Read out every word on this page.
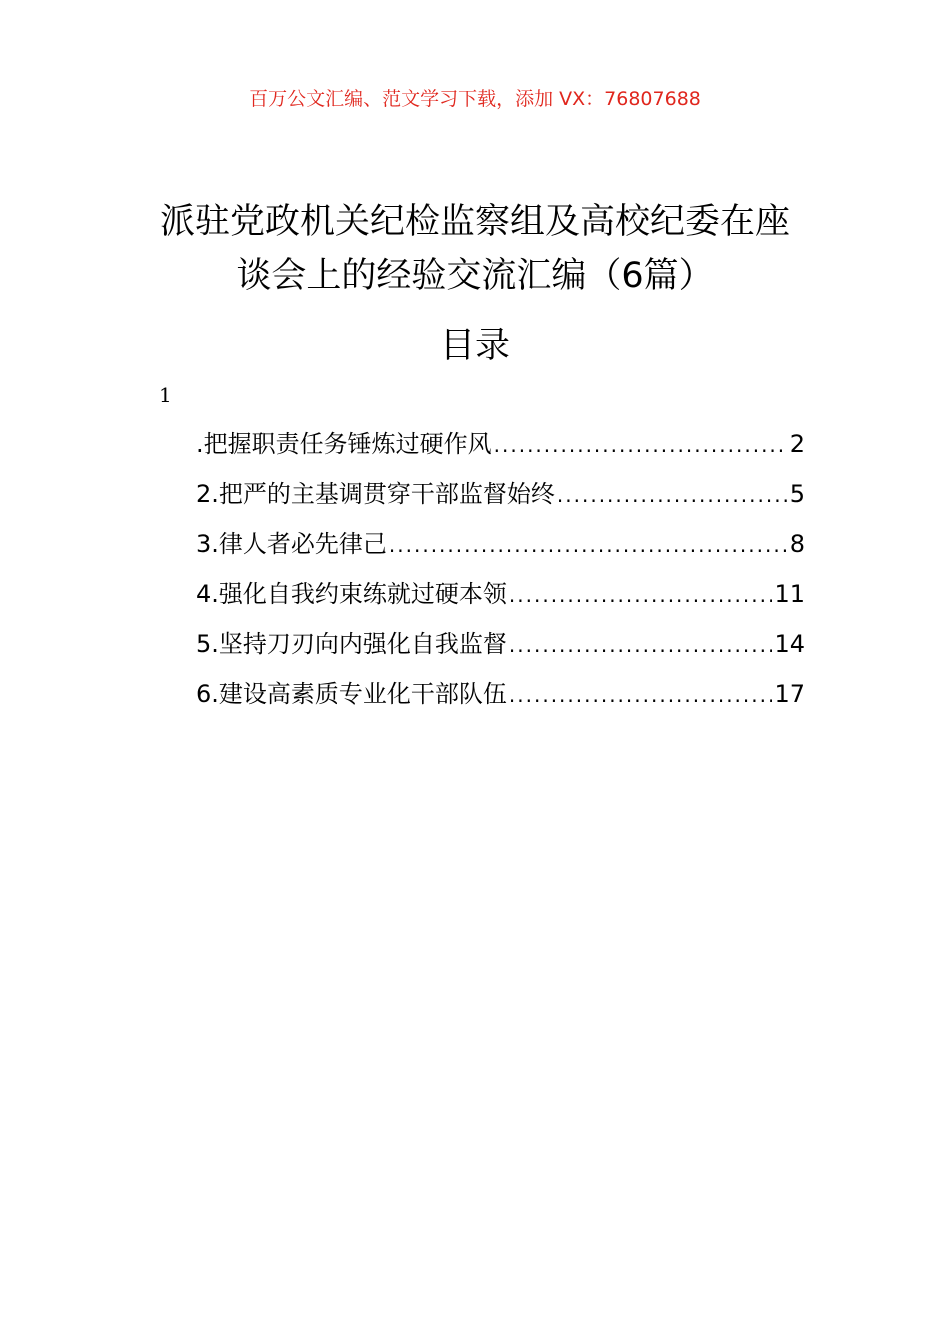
百万公文汇编、范文学习下载，添加 VX：76807688
派驻党政机关纪检监察组及高校纪委在座
谈会上的经验交流汇编（6篇）
目录
1
.把握职责任务锤炼过硬作风 .....	2
2.把严的主基调贯穿干部监督始终 .....	5
3.律人者必先律己 .....	8
4.强化自我约束练就过硬本领 .....	11
5.坚持刀刃向内强化自我监督 .....	14
6.建设高素质专业化干部队伍 .....	17
